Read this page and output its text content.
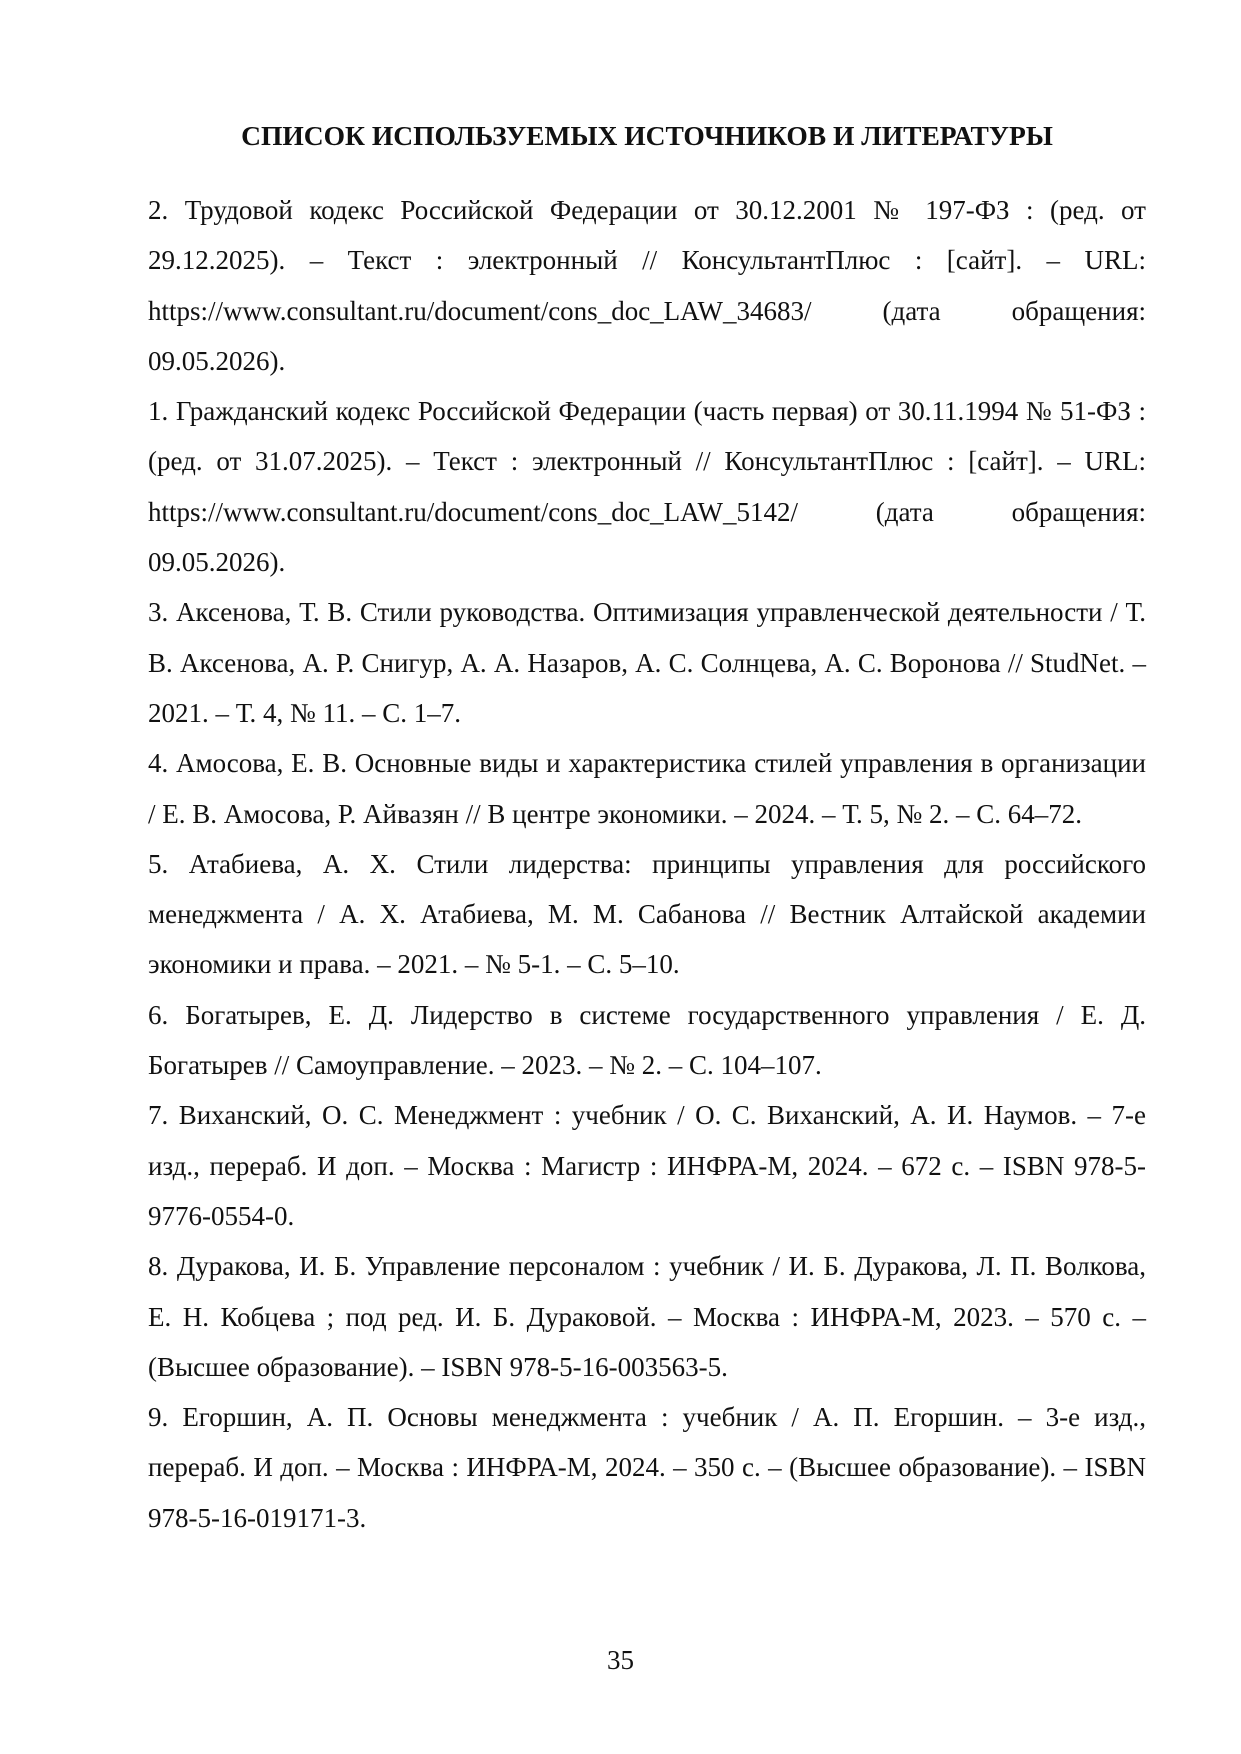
СПИСОК ИСПОЛЬЗУЕМЫХ ИСТОЧНИКОВ И ЛИТЕРАТУРЫ
2. Трудовой кодекс Российской Федерации от 30.12.2001 № 197-ФЗ : (ред. от 29.12.2025). – Текст : электронный // КонсультантПлюс : [сайт]. – URL: https://www.consultant.ru/document/cons_doc_LAW_34683/ (дата обращения: 09.05.2026).
1. Гражданский кодекс Российской Федерации (часть первая) от 30.11.1994 № 51-ФЗ : (ред. от 31.07.2025). – Текст : электронный // КонсультантПлюс : [сайт]. – URL: https://www.consultant.ru/document/cons_doc_LAW_5142/ (дата обращения: 09.05.2026).
3. Аксенова, Т. В. Стили руководства. Оптимизация управленческой деятельности / Т. В. Аксенова, А. Р. Снигур, А. А. Назаров, А. С. Солнцева, А. С. Воронова // StudNet. – 2021. – Т. 4, № 11. – С. 1–7.
4. Амосова, Е. В. Основные виды и характеристика стилей управления в организации / Е. В. Амосова, Р. Айвазян // В центре экономики. – 2024. – Т. 5, № 2. – С. 64–72.
5. Атабиева, А. Х. Стили лидерства: принципы управления для российского менеджмента / А. Х. Атабиева, М. М. Сабанова // Вестник Алтайской академии экономики и права. – 2021. – № 5-1. – С. 5–10.
6. Богатырев, Е. Д. Лидерство в системе государственного управления / Е. Д. Богатырев // Самоуправление. – 2023. – № 2. – С. 104–107.
7. Виханский, О. С. Менеджмент : учебник / О. С. Виханский, А. И. Наумов. – 7-е изд., перераб. И доп. – Москва : Магистр : ИНФРА-М, 2024. – 672 с. – ISBN 978-5-9776-0554-0.
8. Дуракова, И. Б. Управление персоналом : учебник / И. Б. Дуракова, Л. П. Волкова, Е. Н. Кобцева ; под ред. И. Б. Дураковой. – Москва : ИНФРА-М, 2023. – 570 с. – (Высшее образование). – ISBN 978-5-16-003563-5.
9. Егоршин, А. П. Основы менеджмента : учебник / А. П. Егоршин. – 3-е изд., перераб. И доп. – Москва : ИНФРА-М, 2024. – 350 с. – (Высшее образование). – ISBN 978-5-16-019171-3.
35
